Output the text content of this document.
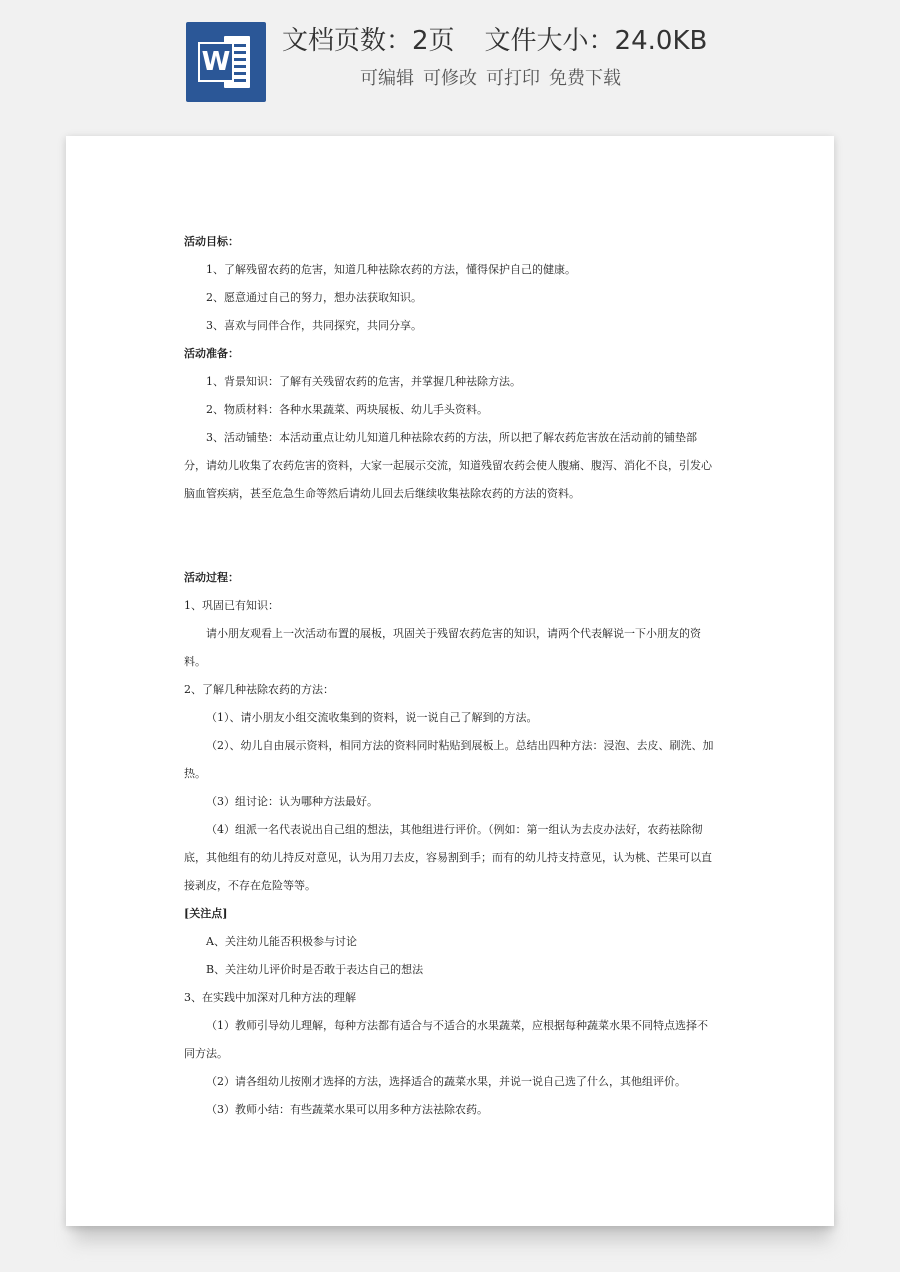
W
文档页数：2页 文件大小：24.0KB
可编辑 可修改 可打印 免费下载

活动目标：

1、了解残留农药的危害，知道几种祛除农药的方法，懂得保护自己的健康。

2、愿意通过自己的努力，想办法获取知识。

3、喜欢与同伴合作，共同探究，共同分享。

活动准备：

1、背景知识：了解有关残留农药的危害，并掌握几种祛除方法。

2、物质材料：各种水果蔬菜、两块展板、幼儿手头资料。

3、活动铺垫：本活动重点让幼儿知道几种祛除农药的方法，所以把了解农药危害放在活动前的铺垫部分，请幼儿收集了农药危害的资料，大家一起展示交流，知道残留农药会使人腹痛、腹泻、消化不良，引发心脑血管疾病，甚至危急生命等然后请幼儿回去后继续收集祛除农药的方法的资料。

活动过程：

1、巩固已有知识：

请小朋友观看上一次活动布置的展板，巩固关于残留农药危害的知识，请两个代表解说一下小朋友的资料。

2、了解几种祛除农药的方法：

（1）、请小朋友小组交流收集到的资料，说一说自己了解到的方法。

（2）、幼儿自由展示资料，相同方法的资料同时粘贴到展板上。总结出四种方法：浸泡、去皮、刷洗、加热。

（3）组讨论：认为哪种方法最好。

（4）组派一名代表说出自己组的想法，其他组进行评价。（例如：第一组认为去皮办法好，农药祛除彻底，其他组有的幼儿持反对意见，认为用刀去皮，容易割到手；而有的幼儿持支持意见，认为桃、芒果可以直接剥皮，不存在危险等等。

[关注点]

A、关注幼儿能否积极参与讨论

B、关注幼儿评价时是否敢于表达自己的想法

3、在实践中加深对几种方法的理解

（1）教师引导幼儿理解，每种方法都有适合与不适合的水果蔬菜，应根据每种蔬菜水果不同特点选择不同方法。

（2）请各组幼儿按刚才选择的方法，选择适合的蔬菜水果，并说一说自己选了什么，其他组评价。

（3）教师小结：有些蔬菜水果可以用多种方法祛除农药。
